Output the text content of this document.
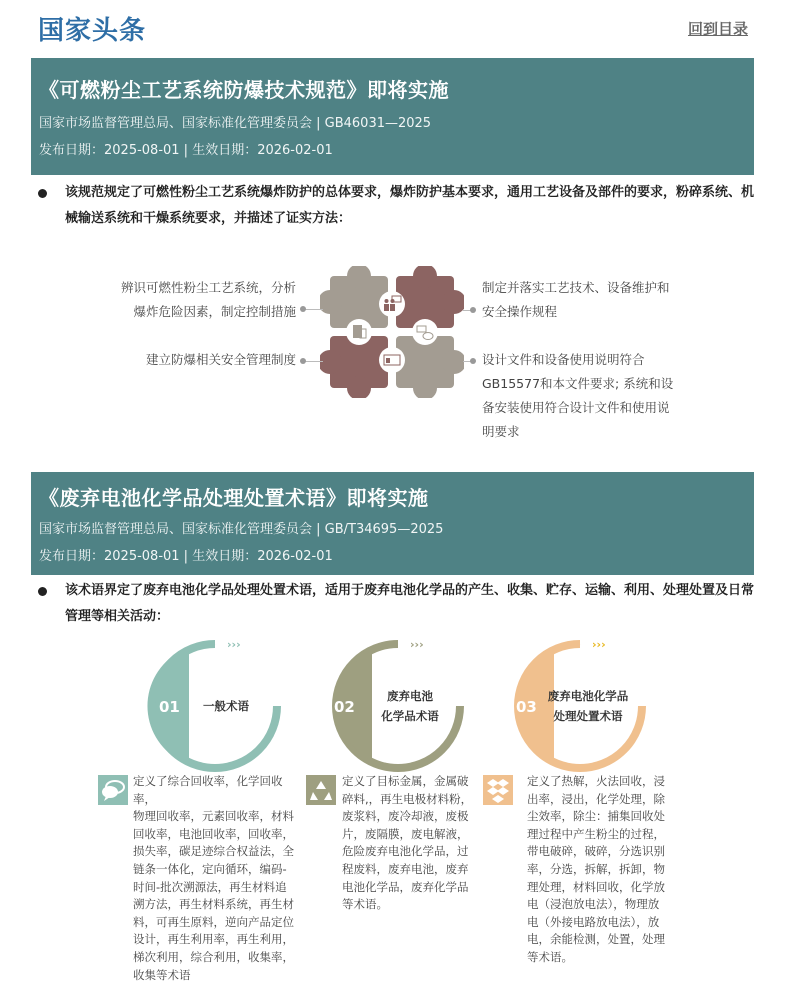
国家头条	回到目录
《可燃粉尘工艺系统防爆技术规范》即将实施
国家市场监督管理总局、国家标准化管理委员会 | GB46031—2025
发布日期：2025-08-01 | 生效日期：2026-02-01
该规范规定了可燃性粉尘工艺系统爆炸防护的总体要求，爆炸防护基本要求，通用工艺设备及部件的要求，粉碎系统、机械输送系统和干燥系统要求，并描述了证实方法：
辨识可燃性粉尘工艺系统，分析
爆炸危险因素，制定控制措施
制定并落实工艺技术、设备维护和
安全操作规程
建立防爆相关安全管理制度	设计文件和设备使用说明符合
GB15577和本文件要求; 系统和设
备安装使用符合设计文件和使用说
明要求
《废弃电池化学品处理处置术语》即将实施
国家市场监督管理总局、国家标准化管理委员会 | GB/T34695—2025
发布日期：2025-08-01 | 生效日期：2026-02-01
该术语界定了废弃电池化学品处理处置术语，适用于废弃电池化学品的产生、收集、贮存、运输、利用、处理处置及日常管理等相关活动：
›››
01	一般术语
›››
02
废弃电池
化学品术语
›››
03
废弃电池化学品
处理处置术语
定义了综合回收率，化学回收率，
物理回收率，元素回收率，材料
回收率，电池回收率，回收率，
损失率，碳足迹综合权益法，全
链条一体化，定向循环，编码-
时间-批次溯源法，再生材料追
溯方法，再生材料系统，再生材
料，可再生原料，逆向产品定位
设计，再生利用率，再生利用，
梯次利用，综合利用，收集率，
收集等术语
定义了目标金属，金属破
碎料,，再生电极材料粉，
废浆料，废冷却液，废极
片，废隔膜，废电解液，
危险废弃电池化学品，过
程废料，废弃电池，废弃
电池化学品，废弃化学品
等术语。
定义了热解，火法回收，浸
出率，浸出，化学处理，除
尘效率，除尘：捕集回收处
理过程中产生粉尘的过程，
带电破碎，破碎，分选识别
率，分选，拆解，拆卸，物
理处理，材料回收，化学放
电（浸泡放电法），物理放
电（外接电路放电法），放
电，余能检测，处置，处理
等术语。
